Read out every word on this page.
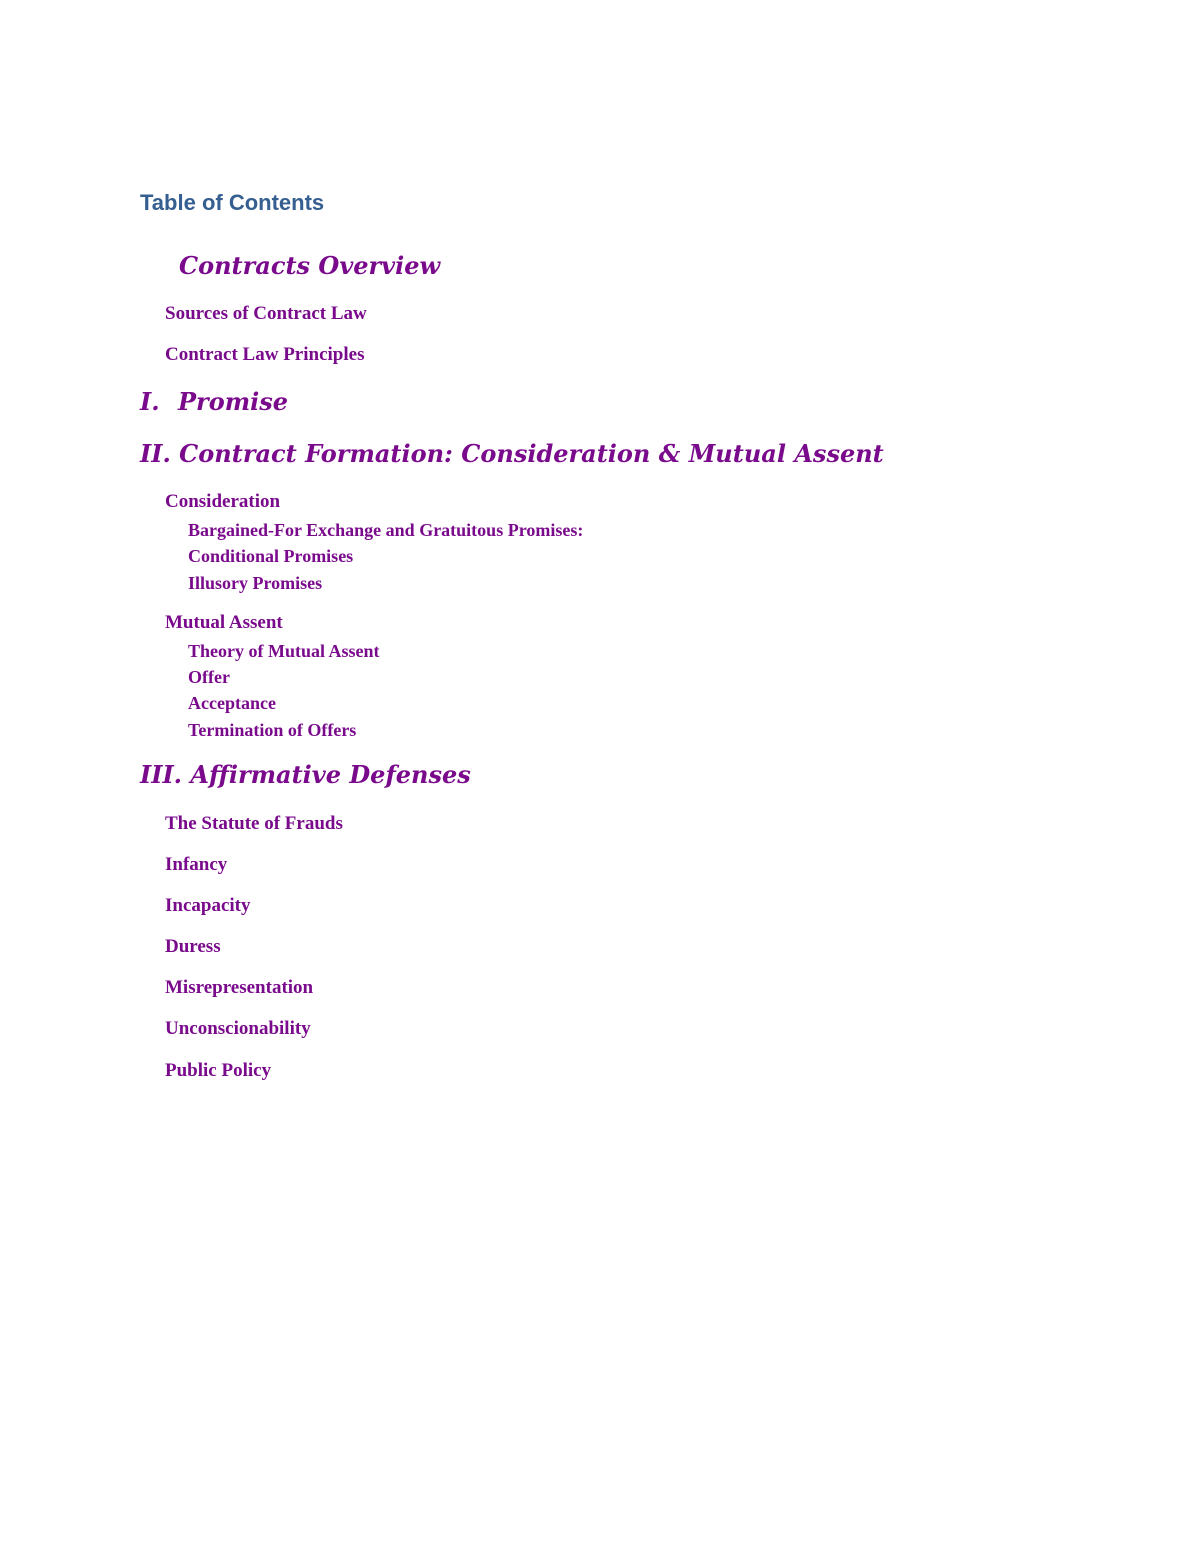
Table of Contents
Contracts Overview
Sources of Contract Law
Contract Law Principles
I. Promise
II. Contract Formation: Consideration & Mutual Assent
Consideration
Bargained-For Exchange and Gratuitous Promises:
Conditional Promises
Illusory Promises
Mutual Assent
Theory of Mutual Assent
Offer
Acceptance
Termination of Offers
III. Affirmative Defenses
The Statute of Frauds
Infancy
Incapacity
Duress
Misrepresentation
Unconscionability
Public Policy
